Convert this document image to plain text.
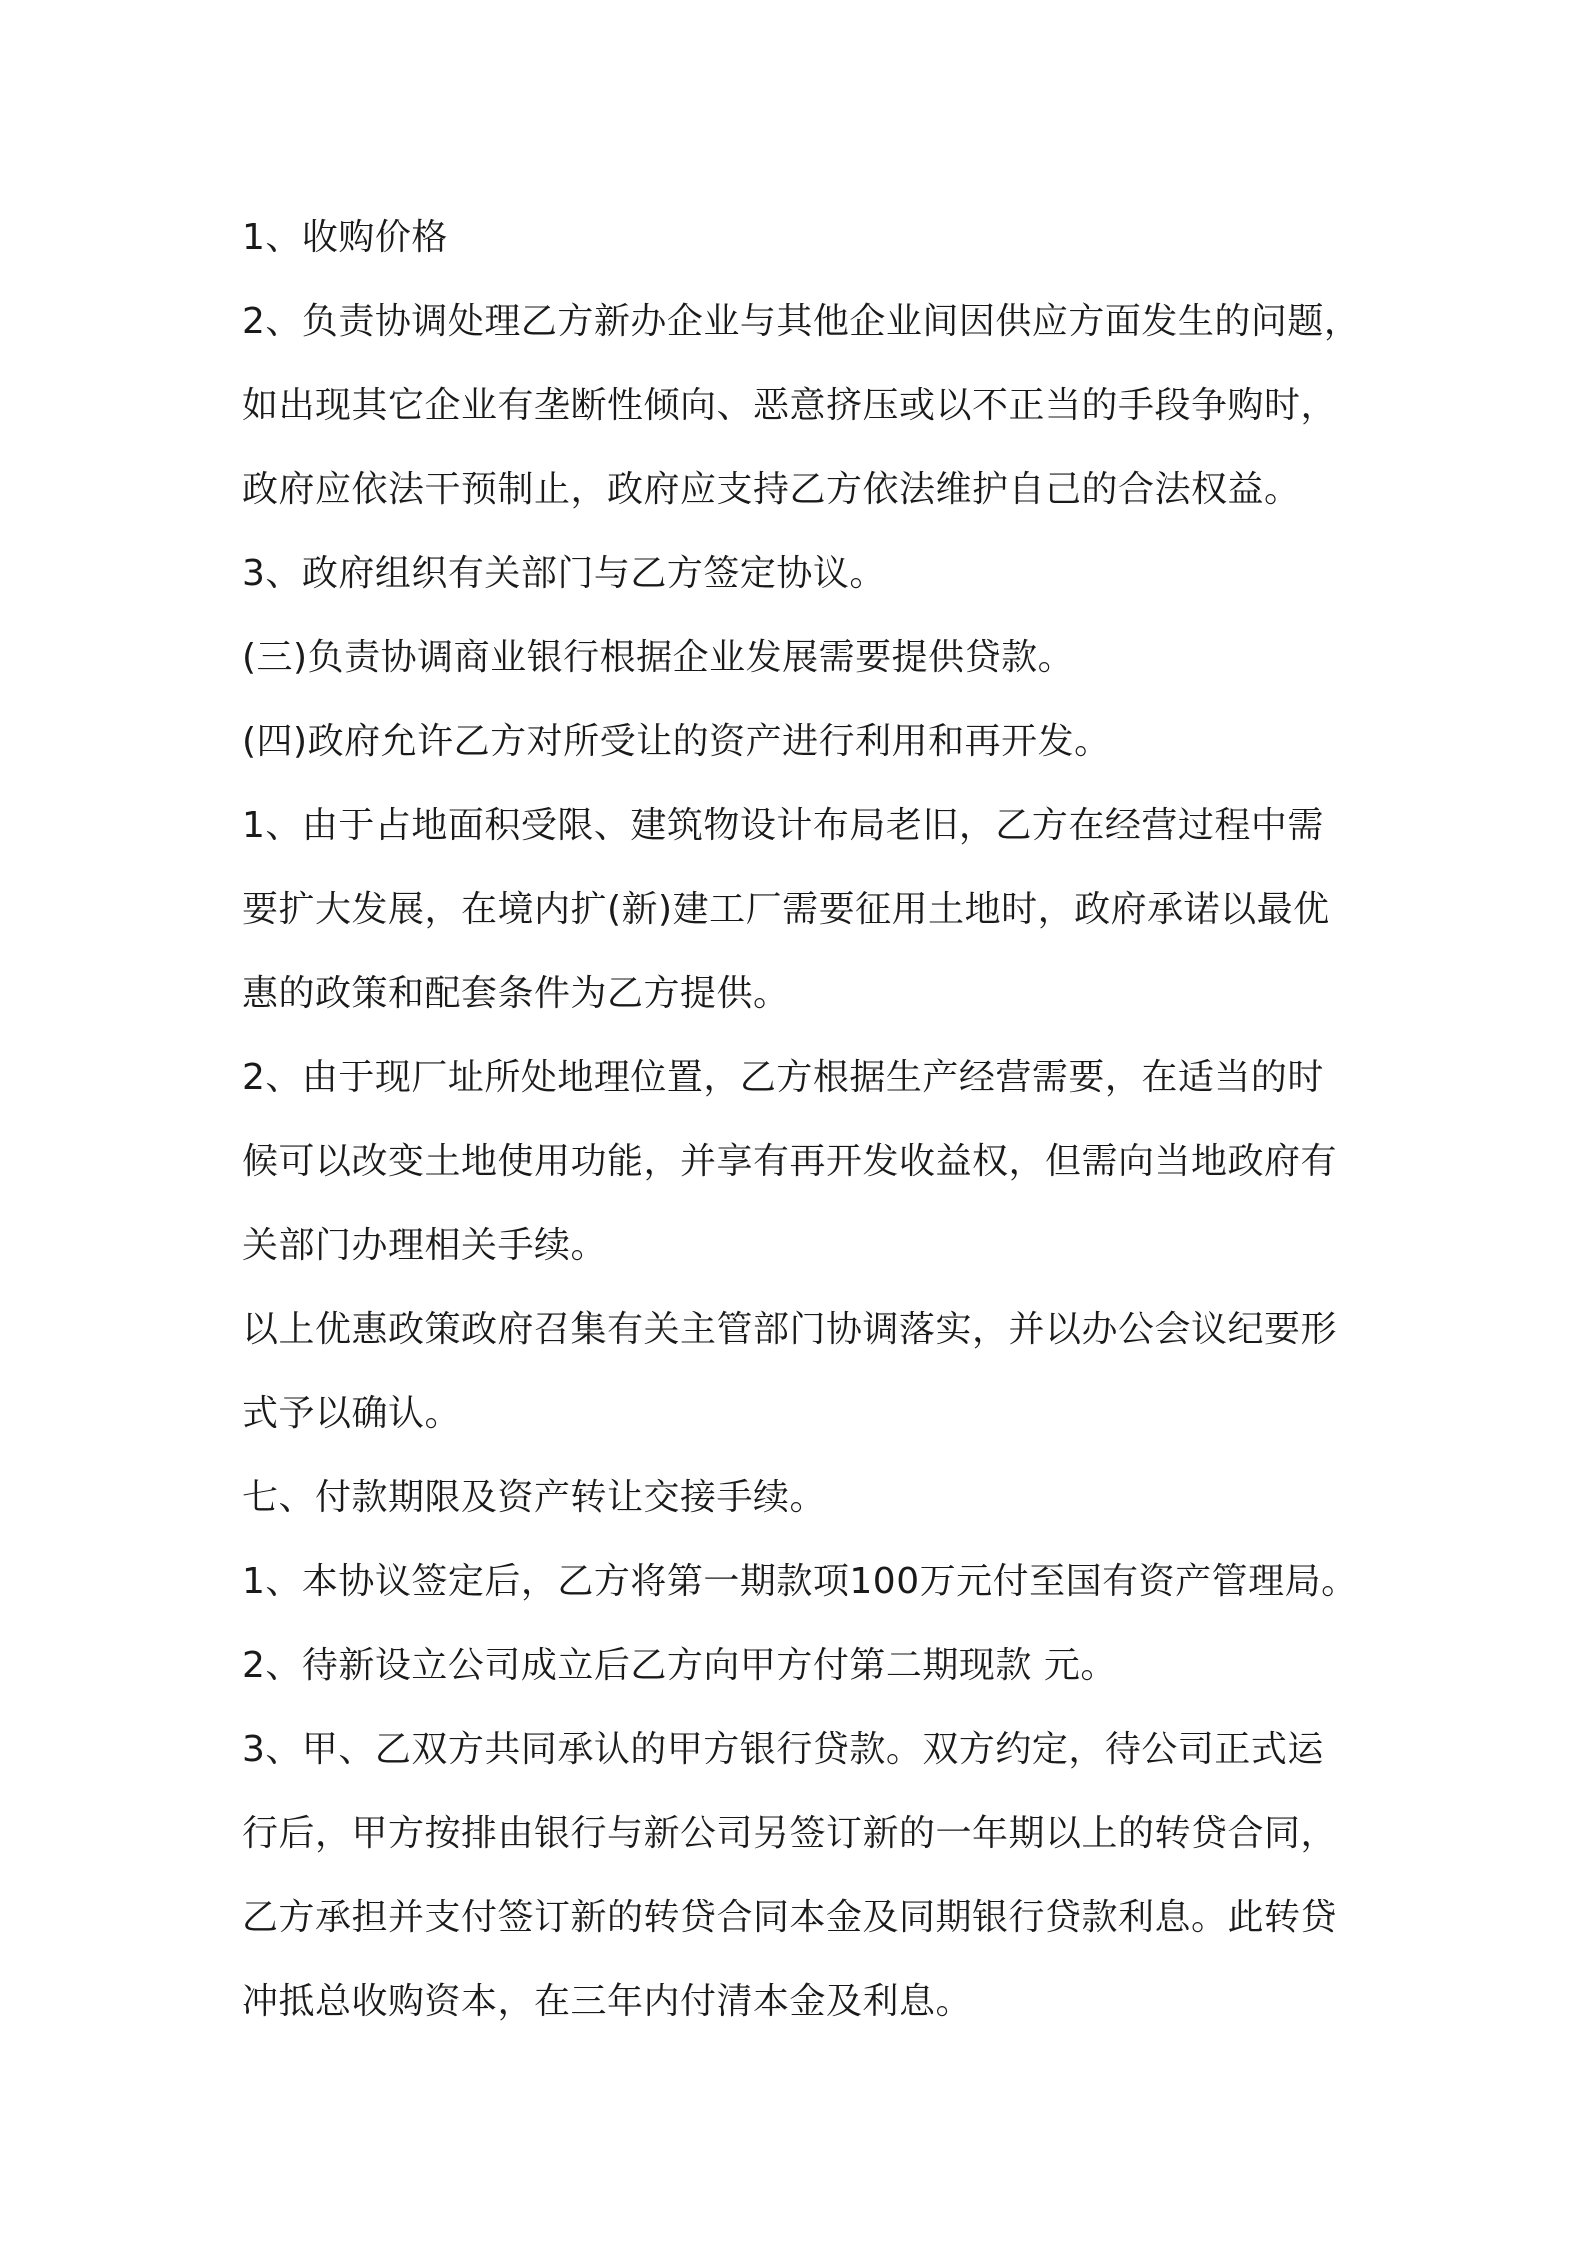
1、收购价格
2、负责协调处理乙方新办企业与其他企业间因供应方面发生的问题，
如出现其它企业有垄断性倾向、恶意挤压或以不正当的手段争购时，
政府应依法干预制止，政府应支持乙方依法维护自己的合法权益。
3、政府组织有关部门与乙方签定协议。
(三)负责协调商业银行根据企业发展需要提供贷款。
(四)政府允许乙方对所受让的资产进行利用和再开发。
1、由于占地面积受限、建筑物设计布局老旧，乙方在经营过程中需
要扩大发展，在境内扩(新)建工厂需要征用土地时，政府承诺以最优
惠的政策和配套条件为乙方提供。
2、由于现厂址所处地理位置，乙方根据生产经营需要，在适当的时
候可以改变土地使用功能，并享有再开发收益权，但需向当地政府有
关部门办理相关手续。
以上优惠政策政府召集有关主管部门协调落实，并以办公会议纪要形
式予以确认。
七、付款期限及资产转让交接手续。
1、本协议签定后，乙方将第一期款项100万元付至国有资产管理局。
2、待新设立公司成立后乙方向甲方付第二期现款 元。
3、甲、乙双方共同承认的甲方银行贷款。双方约定，待公司正式运
行后，甲方按排由银行与新公司另签订新的一年期以上的转贷合同，
乙方承担并支付签订新的转贷合同本金及同期银行贷款利息。此转贷
冲抵总收购资本，在三年内付清本金及利息。
